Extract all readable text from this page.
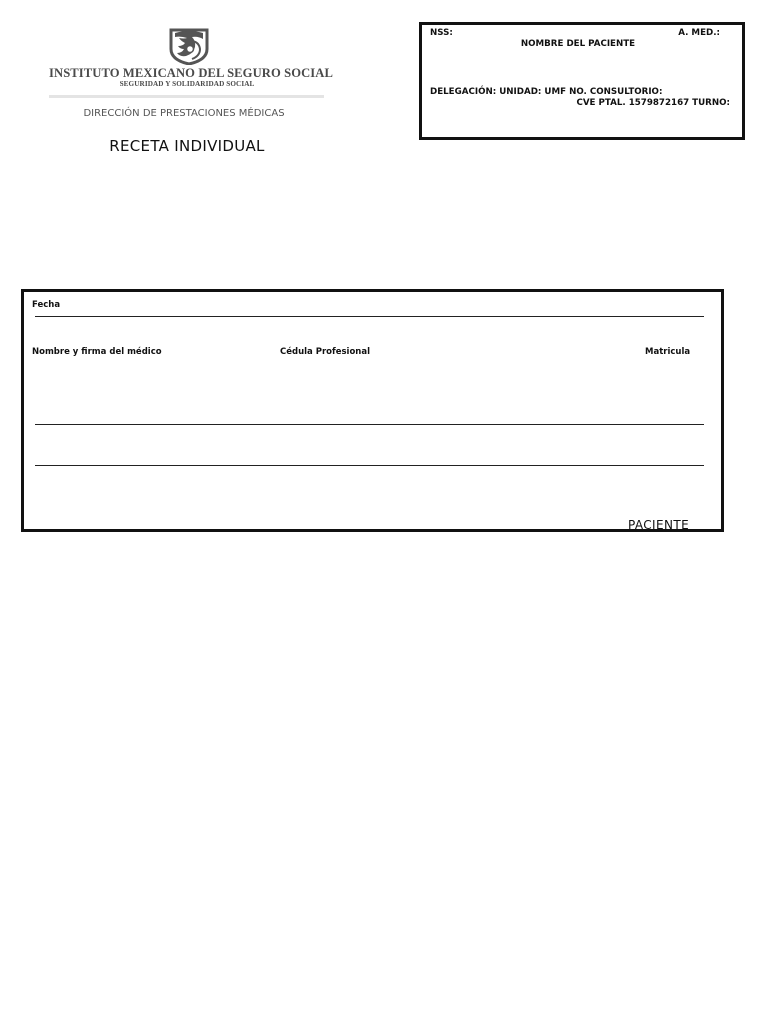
INSTITUTO MEXICANO DEL SEGURO SOCIAL
SEGURIDAD Y SOLIDARIDAD SOCIAL
DIRECCIÓN DE PRESTACIONES MÉDICAS
RECETA INDIVIDUAL
NSS:	A. MED.:
NOMBRE DEL PACIENTE
DELEGACIÓN: UNIDAD: UMF NO. CONSULTORIO:
CVE PTAL. 1579872167 TURNO:
Fecha
Nombre y firma del médico	Cédula Profesional	Matricula
PACIENTE
